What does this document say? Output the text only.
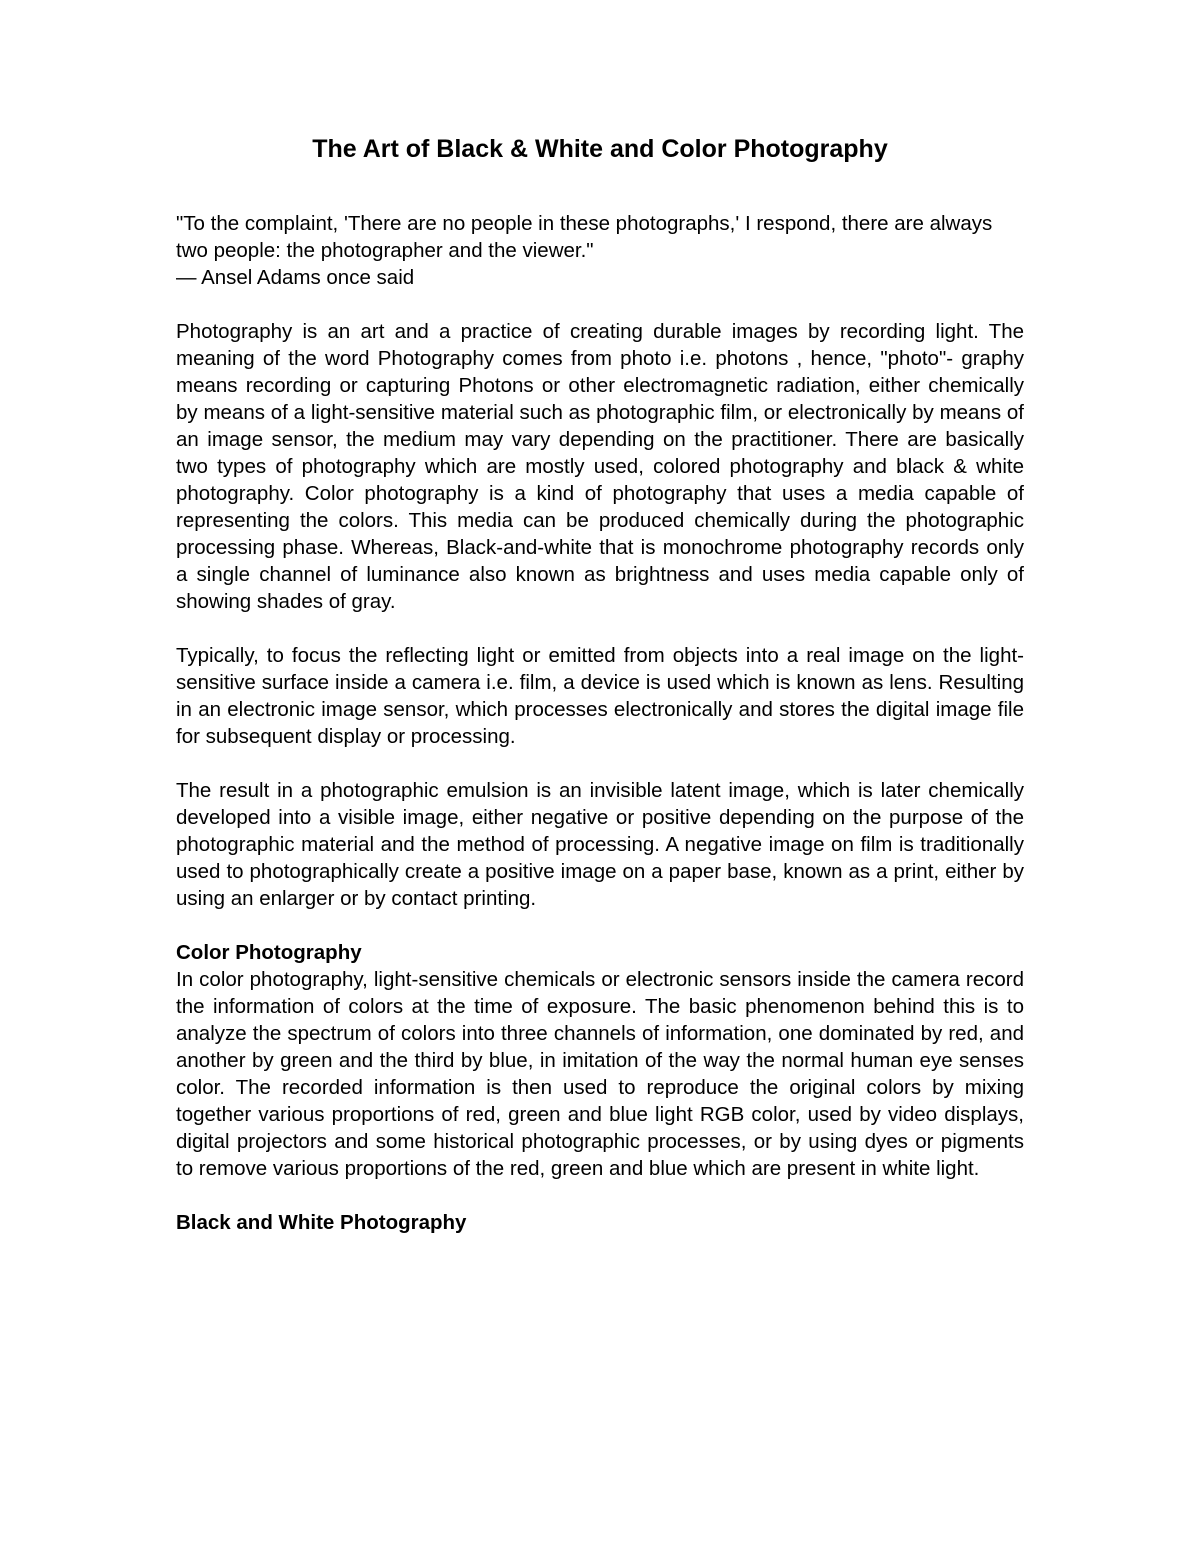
The Art of Black & White and Color Photography
"To the complaint, 'There are no people in these photographs,' I respond, there are always two people: the photographer and the viewer."
— Ansel Adams once said

Photography is an art and a practice of creating durable images by recording light. The meaning of the word Photography comes from photo i.e. photons , hence, "photo"- graphy means recording or capturing Photons or other electromagnetic radiation, either chemically by means of a light-sensitive material such as photographic film, or electronically by means of an image sensor, the medium may vary depending on the practitioner. There are basically two types of photography which are mostly used, colored photography and black & white photography. Color photography is a kind of photography that uses a media capable of representing the colors. This media can be produced chemically during the photographic processing phase. Whereas, Black-and-white that is monochrome photography records only a single channel of luminance also known as brightness and uses media capable only of showing shades of gray.

Typically, to focus the reflecting light or emitted from objects into a real image on the light-sensitive surface inside a camera i.e. film, a device is used which is known as lens. Resulting in an electronic image sensor, which processes electronically and stores the digital image file for subsequent display or processing.

The result in a photographic emulsion is an invisible latent image, which is later chemically developed into a visible image, either negative or positive depending on the purpose of the photographic material and the method of processing. A negative image on film is traditionally used to photographically create a positive image on a paper base, known as a print, either by using an enlarger or by contact printing.

Color Photography

In color photography, light-sensitive chemicals or electronic sensors inside the camera record the information of colors at the time of exposure. The basic phenomenon behind this is to analyze the spectrum of colors into three channels of information, one dominated by red, and another by green and the third by blue, in imitation of the way the normal human eye senses color. The recorded information is then used to reproduce the original colors by mixing together various proportions of red, green and blue light RGB color, used by video displays, digital projectors and some historical photographic processes, or by using dyes or pigments to remove various proportions of the red, green and blue which are present in white light.

Black and White Photography
